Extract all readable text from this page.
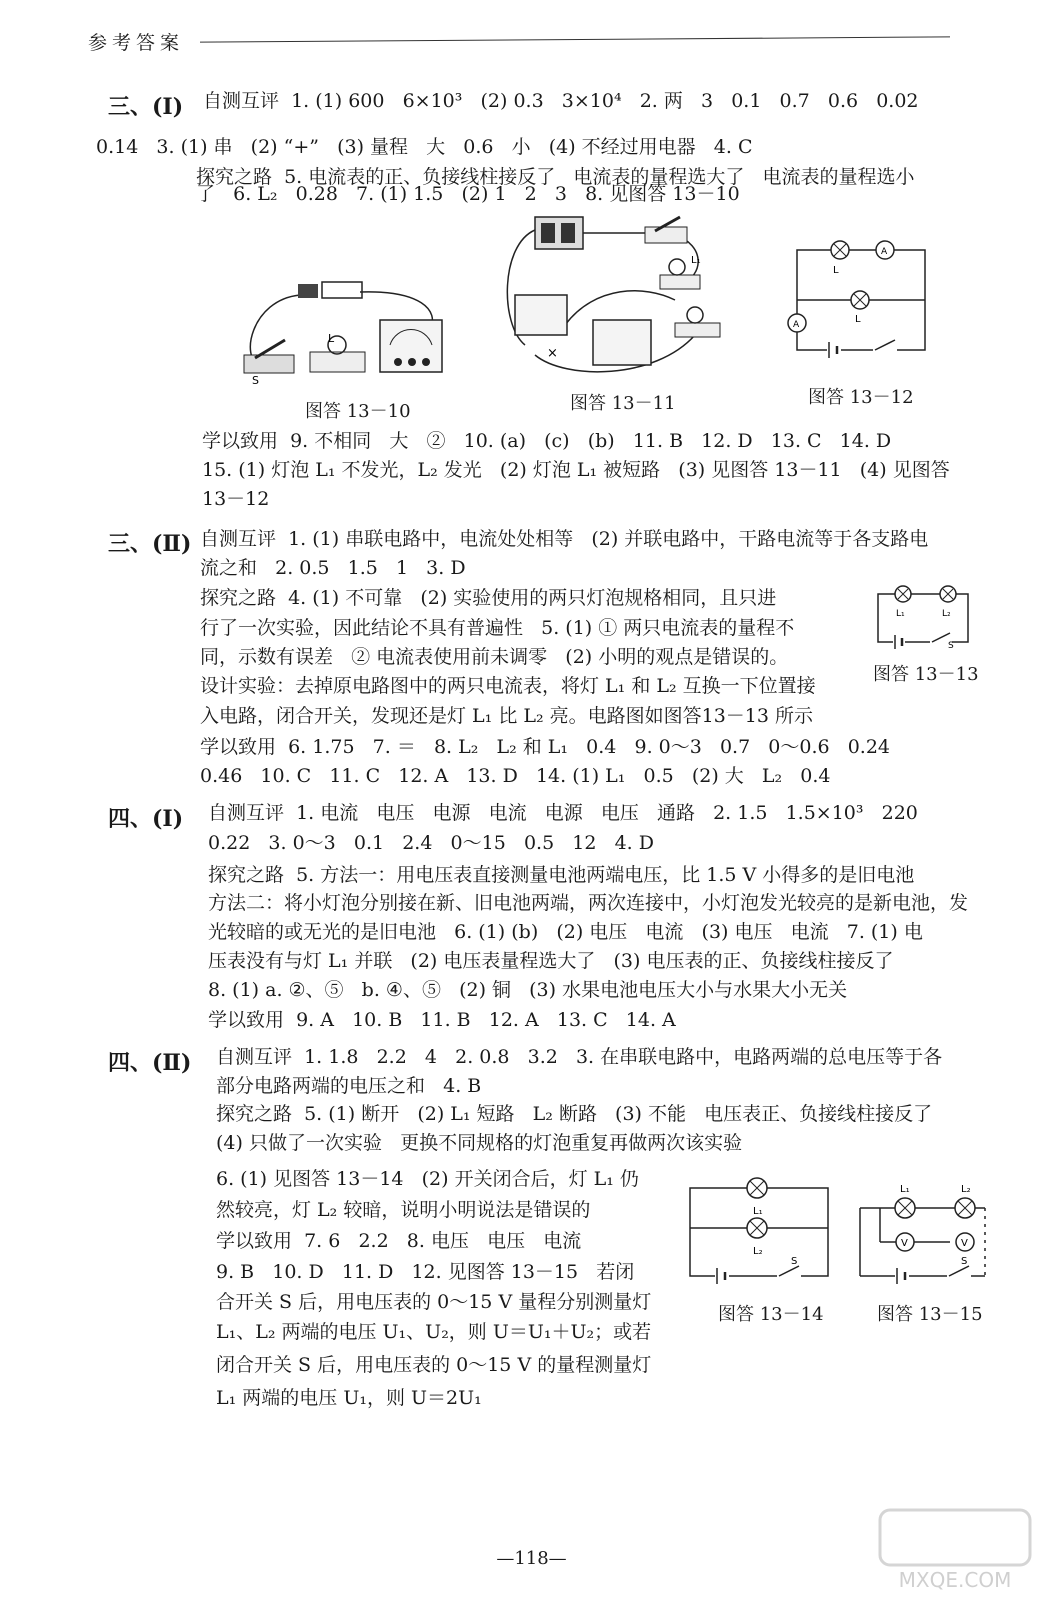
参考答案
三、(Ⅰ) 自测互评  1. (1) 600   6×10³   (2) 0.3   3×10⁴   2. 两   3   0.1   0.7   0.6   0.02
0.14   3. (1) 串   (2) “+”   (3) 量程   大   0.6   小   (4) 不经过用电器   4. C
探究之路  5. 电流表的正、负接线柱接反了   电流表的量程选大了   电流表的量程选小
了   6. L₂   0.28   7. (1) 1.5   (2) 1   2   3   8. 见图答 13－10
学以致用  9. 不相同   大   ②   10. (a)   (c)   (b)   11. B   12. D   13. C   14. D
15. (1) 灯泡 L₁ 不发光，L₂ 发光   (2) 灯泡 L₁ 被短路   (3) 见图答 13－11   (4) 见图答
13－12
三、(Ⅱ) 自测互评  1. (1) 串联电路中，电流处处相等   (2) 并联电路中，干路电流等于各支路电
流之和   2. 0.5   1.5   1   3. D
探究之路  4. (1) 不可靠   (2) 实验使用的两只灯泡规格相同，且只进
行了一次实验，因此结论不具有普遍性   5. (1) ① 两只电流表的量程不
同，示数有误差   ② 电流表使用前未调零   (2) 小明的观点是错误的。
设计实验：去掉原电路图中的两只电流表，将灯 L₁ 和 L₂ 互换一下位置接
入电路，闭合开关，发现还是灯 L₁ 比 L₂ 亮。电路图如图答13－13 所示
学以致用  6. 1.75   7. ＝   8. L₂   L₂ 和 L₁   0.4   9. 0～3   0.7   0～0.6   0.24
0.46   10. C   11. C   12. A   13. D   14. (1) L₁   0.5   (2) 大   L₂   0.4
四、(Ⅰ) 自测互评  1. 电流   电压   电源   电流   电源   电压   通路   2. 1.5   1.5×10³   220
0.22   3. 0～3   0.1   2.4   0～15   0.5   12   4. D
探究之路  5. 方法一：用电压表直接测量电池两端电压，比 1.5 V 小得多的是旧电池
方法二：将小灯泡分别接在新、旧电池两端，两次连接中，小灯泡发光较亮的是新电池，发
光较暗的或无光的是旧电池   6. (1) (b)   (2) 电压   电流   (3) 电压   电流   7. (1) 电
压表没有与灯 L₁ 并联   (2) 电压表量程选大了   (3) 电压表的正、负接线柱接反了
8. (1) a. ②、⑤   b. ④、⑤   (2) 铜   (3) 水果电池电压大小与水果大小无关
学以致用  9. A   10. B   11. B   12. A   13. C   14. A
四、(Ⅱ) 自测互评  1. 1.8   2.2   4   2. 0.8   3.2   3. 在串联电路中，电路两端的总电压等于各
部分电路两端的电压之和   4. B
探究之路  5. (1) 断开   (2) L₁ 短路   L₂ 断路   (3) 不能   电压表正、负接线柱接反了
(4) 只做了一次实验   更换不同规格的灯泡重复再做两次该实验
6. (1) 见图答 13－14   (2) 开关闭合后，灯 L₁ 仍
然较亮，灯 L₂ 较暗，说明小明说法是错误的
学以致用  7. 6   2.2   8. 电压   电压   电流
9. B   10. D   11. D   12. 见图答 13－15   若闭
合开关 S 后，用电压表的 0～15 V 量程分别测量灯
L₁、L₂ 两端的电压 U₁、U₂，则 U＝U₁＋U₂；或若
闭合开关 S 后，用电压表的 0～15 V 的量程测量灯
L₁ 两端的电压 U₁，则 U＝2U₁
S
L
图答 13－10
L₁
×
图答 13－11
L
L
A
A
图答 13－12
L₁	L₂
S
图答 13－13
L₁
L₂
S
图答 13－14
L₁	L₂
V	V
S
图答 13－15
—118—
MXQE.COM
